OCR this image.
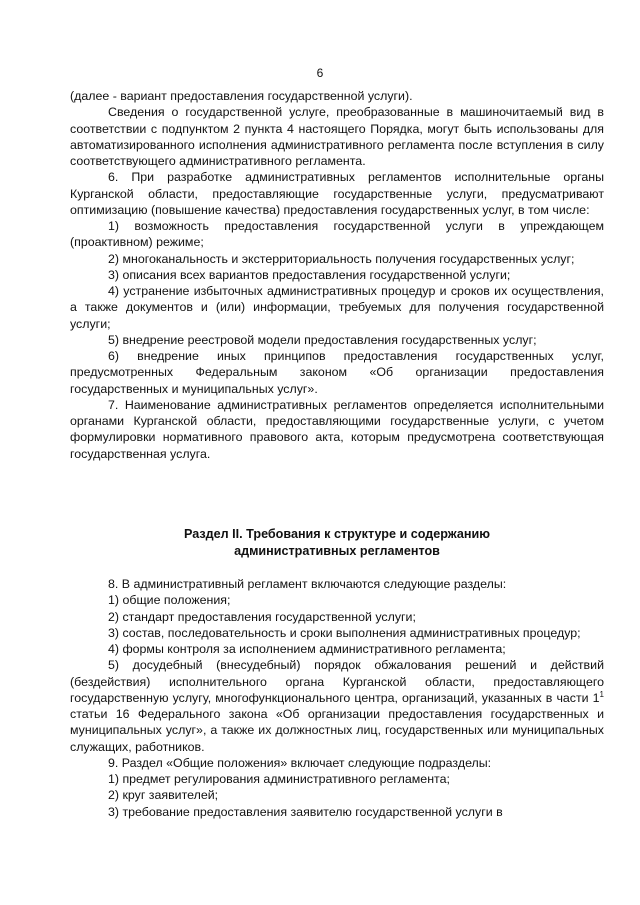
6

(далее - вариант предоставления государственной услуги).

Сведения о государственной услуге, преобразованные в машиночитаемый вид в соответствии с подпунктом 2 пункта 4 настоящего Порядка, могут быть использованы для автоматизированного исполнения административного регламента после вступления в силу соответствующего административного регламента.

6. При разработке административных регламентов исполнительные органы Курганской области, предоставляющие государственные услуги, предусматривают оптимизацию (повышение качества) предоставления государственных услуг, в том числе:

1) возможность предоставления государственной услуги в упреждающем (проактивном) режиме;

2) многоканальность и экстерриториальность получения государственных услуг;

3) описания всех вариантов предоставления государственной услуги;

4) устранение избыточных административных процедур и сроков их осуществления, а также документов и (или) информации, требуемых для получения государственной услуги;

5) внедрение реестровой модели предоставления государственных услуг;

6) внедрение иных принципов предоставления государственных услуг, предусмотренных Федеральным законом «Об организации предоставления государственных и муниципальных услуг».

7. Наименование административных регламентов определяется исполнительными органами Курганской области, предоставляющими государственные услуги, с учетом формулировки нормативного правового акта, которым предусмотрена соответствующая государственная услуга.

Раздел II. Требования к структуре и содержанию
административных регламентов

8. В административный регламент включаются следующие разделы:

1) общие положения;

2) стандарт предоставления государственной услуги;

3) состав, последовательность и сроки выполнения административных процедур;

4) формы контроля за исполнением административного регламента;

5) досудебный (внесудебный) порядок обжалования решений и действий (бездействия) исполнительного органа Курганской области, предоставляющего государственную услугу, многофункционального центра, организаций, указанных в части $1^1$ статьи 16 Федерального закона «Об организации предоставления государственных и муниципальных услуг», а также их должностных лиц, государственных или муниципальных служащих, работников.

9. Раздел «Общие положения» включает следующие подразделы:

1) предмет регулирования административного регламента;

2) круг заявителей;

3) требование предоставления заявителю государственной услуги в
